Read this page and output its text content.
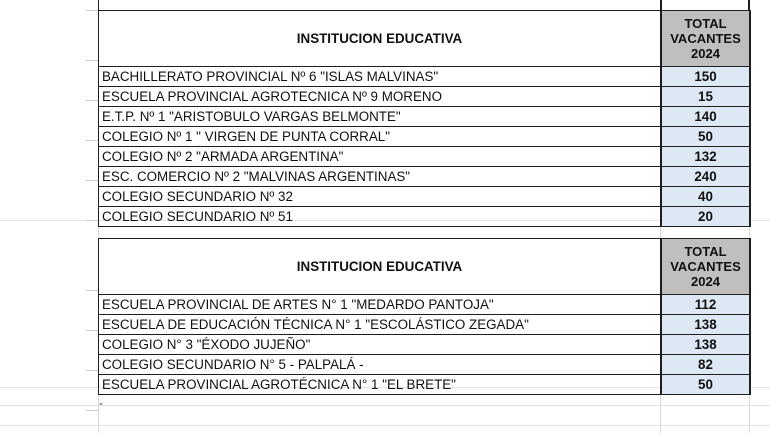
INSTITUCION EDUCATIVA	TOTAL
VACANTES
2024

BACHILLERATO PROVINCIAL Nº 6 "ISLAS MALVINAS"	150
ESCUELA PROVINCIAL AGROTECNICA Nº 9 MORENO	15
E.T.P. Nº 1 "ARISTOBULO VARGAS BELMONTE"	140
COLEGIO Nº 1 " VIRGEN DE PUNTA CORRAL"	50
COLEGIO Nº 2 "ARMADA ARGENTINA"	132
ESC. COMERCIO Nº 2 "MALVINAS ARGENTINAS"	240
COLEGIO SECUNDARIO Nº 32	40
COLEGIO SECUNDARIO Nº 51	20
INSTITUCION EDUCATIVA	TOTAL
VACANTES
2024

ESCUELA PROVINCIAL DE ARTES N° 1 "MEDARDO PANTOJA"	112
ESCUELA DE EDUCACIÓN TÉCNICA N° 1 "ESCOLÁSTICO ZEGADA"	138
COLEGIO N° 3 "ÉXODO JUJEÑO"	138
COLEGIO SECUNDARIO N° 5 - PALPALÁ -	82
ESCUELA PROVINCIAL AGROTÉCNICA N° 1 "EL BRETE"	50
-
